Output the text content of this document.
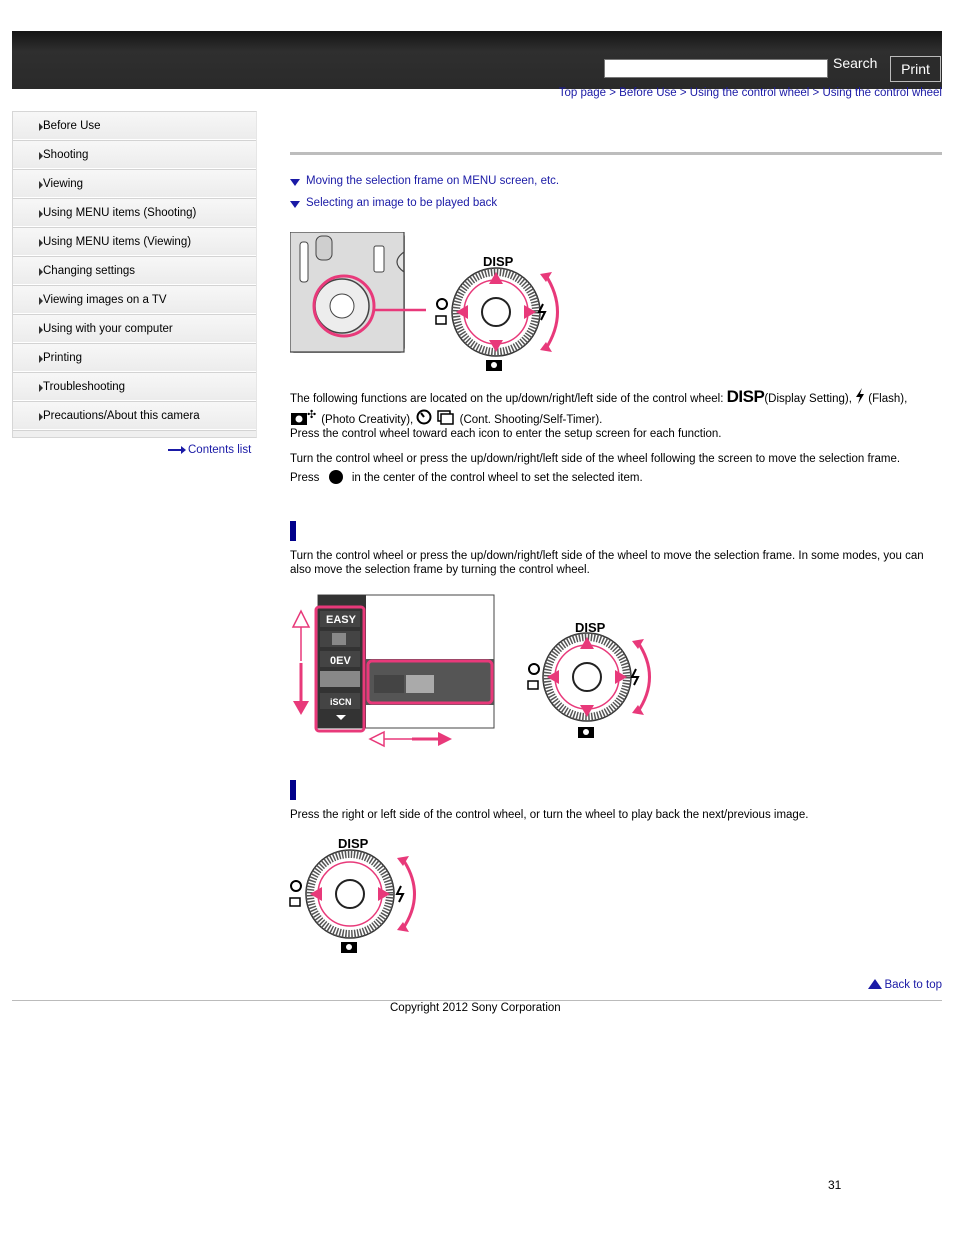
Search	Print
Top page > Before Use > Using the control wheel > Using the control wheel
Before Use
Shooting
Viewing
Using MENU items (Shooting)
Using MENU items (Viewing)
Changing settings
Viewing images on a TV
Using with your computer
Printing
Troubleshooting
Precautions/About this camera
Contents list
Moving the selection frame on MENU screen, etc.
Selecting an image to be played back
DISP
The following functions are located on the up/down/right/left side of the control wheel: DISP(Display Setting), (Flash),
✣ (Photo Creativity),	(Cont. Shooting/Self-Timer).
Press the control wheel toward each icon to enter the setup screen for each function.
Turn the control wheel or press the up/down/right/left side of the wheel following the screen to move the selection frame.
Press	in the center of the control wheel to set the selected item.
Turn the control wheel or press the up/down/right/left side of the wheel to move the selection frame. In some modes, you can also move the selection frame by turning the control wheel.
EASY
0EV
iSCN
DISP
Press the right or left side of the control wheel, or turn the wheel to play back the next/previous image.
DISP
Back to top
Copyright 2012 Sony Corporation
31
